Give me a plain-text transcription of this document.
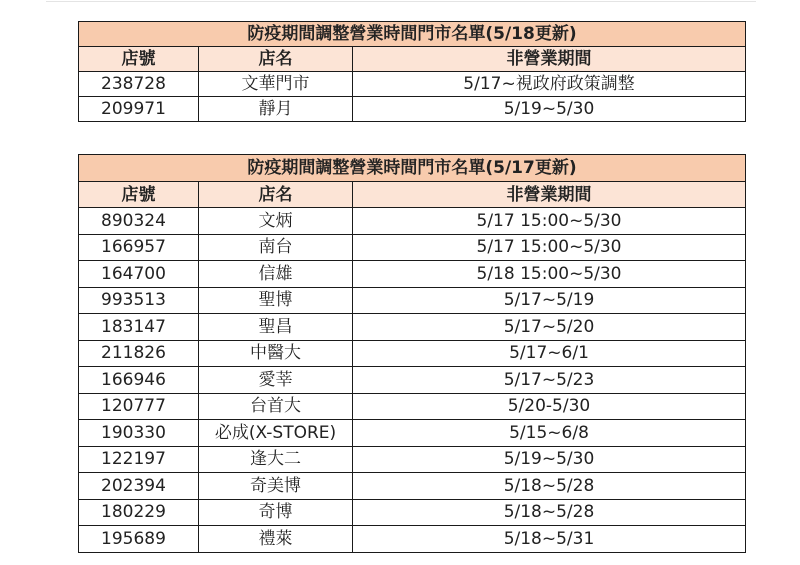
防疫期間調整營業時間門市名單(5/18更新)		
店號	店名	非營業期間
238728	文華門市	5/17~視政府政策調整
209971	靜月	5/19~5/30
防疫期間調整營業時間門市名單(5/17更新)		
店號	店名	非營業期間
890324	文炳	5/17 15:00~5/30
166957	南台	5/17 15:00~5/30
164700	信雄	5/18 15:00~5/30
993513	聖博	5/17~5/19
183147	聖昌	5/17~5/20
211826	中醫大	5/17~6/1
166946	愛莘	5/17~5/23
120777	台首大	5/20-5/30
190330	必成(X-STORE)	5/15~6/8
122197	逢大二	5/19~5/30
202394	奇美博	5/18~5/28
180229	奇博	5/18~5/28
195689	禮萊	5/18~5/31
